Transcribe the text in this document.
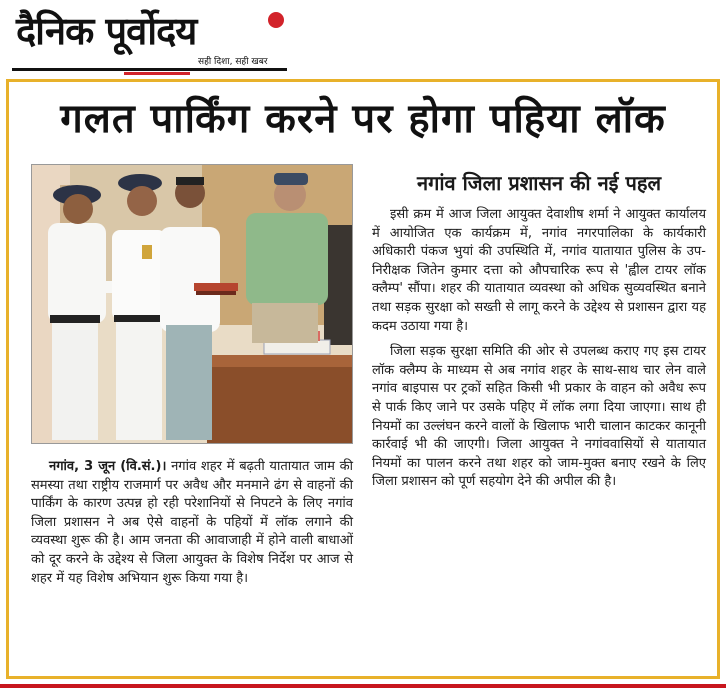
दैनिक पूर्वोदय
सही दिशा, सही खबर
गलत पार्किंग करने पर होगा पहिया लॉक
नगांव जिला प्रशासन की नई पहल

इसी क्रम में आज जिला आयुक्त देवाशीष शर्मा ने आयुक्त कार्यालय में आयोजित एक कार्यक्रम में, नगांव नगरपालिका के कार्यकारी अधिकारी पंकज भुयां की उपस्थिति में, नगांव यातायात पुलिस के उप-निरीक्षक जितेन कुमार दत्ता को औपचारिक रूप से 'ह्वील टायर लॉक क्लैम्प' सौंपा। शहर की यातायात व्यवस्था को अधिक सुव्यवस्थित बनाने तथा सड़क सुरक्षा को सख्ती से लागू करने के उद्देश्य से प्रशासन द्वारा यह कदम उठाया गया है।

जिला सड़क सुरक्षा समिति की ओर से उपलब्ध कराए गए इस टायर लॉक क्लैम्प के माध्यम से अब नगांव शहर के साथ-साथ चार लेन वाले नगांव बाइपास पर ट्रकों सहित किसी भी प्रकार के वाहन को अवैध रूप से पार्क किए जाने पर उसके पहिए में लॉक लगा दिया जाएगा। साथ ही नियमों का उल्लंघन करने वालों के खिलाफ भारी चालान काटकर कानूनी कार्रवाई भी की जाएगी। जिला आयुक्त ने नगांववासियों से यातायात नियमों का पालन करने तथा शहर को जाम-मुक्त बनाए रखने के लिए जिला प्रशासन को पूर्ण सहयोग देने की अपील की है।

नगांव, 3 जून (वि.सं.)। नगांव शहर में बढ़ती यातायात जाम की समस्या तथा राष्ट्रीय राजमार्ग पर अवैध और मनमाने ढंग से वाहनों की पार्किंग के कारण उत्पन्न हो रही परेशानियों से निपटने के लिए नगांव जिला प्रशासन ने अब ऐसे वाहनों के पहियों में लॉक लगाने की व्यवस्था शुरू की है। आम जनता की आवाजाही में होने वाली बाधाओं को दूर करने के उद्देश्य से जिला आयुक्त के विशेष निर्देश पर आज से शहर में यह विशेष अभियान शुरू किया गया है।
